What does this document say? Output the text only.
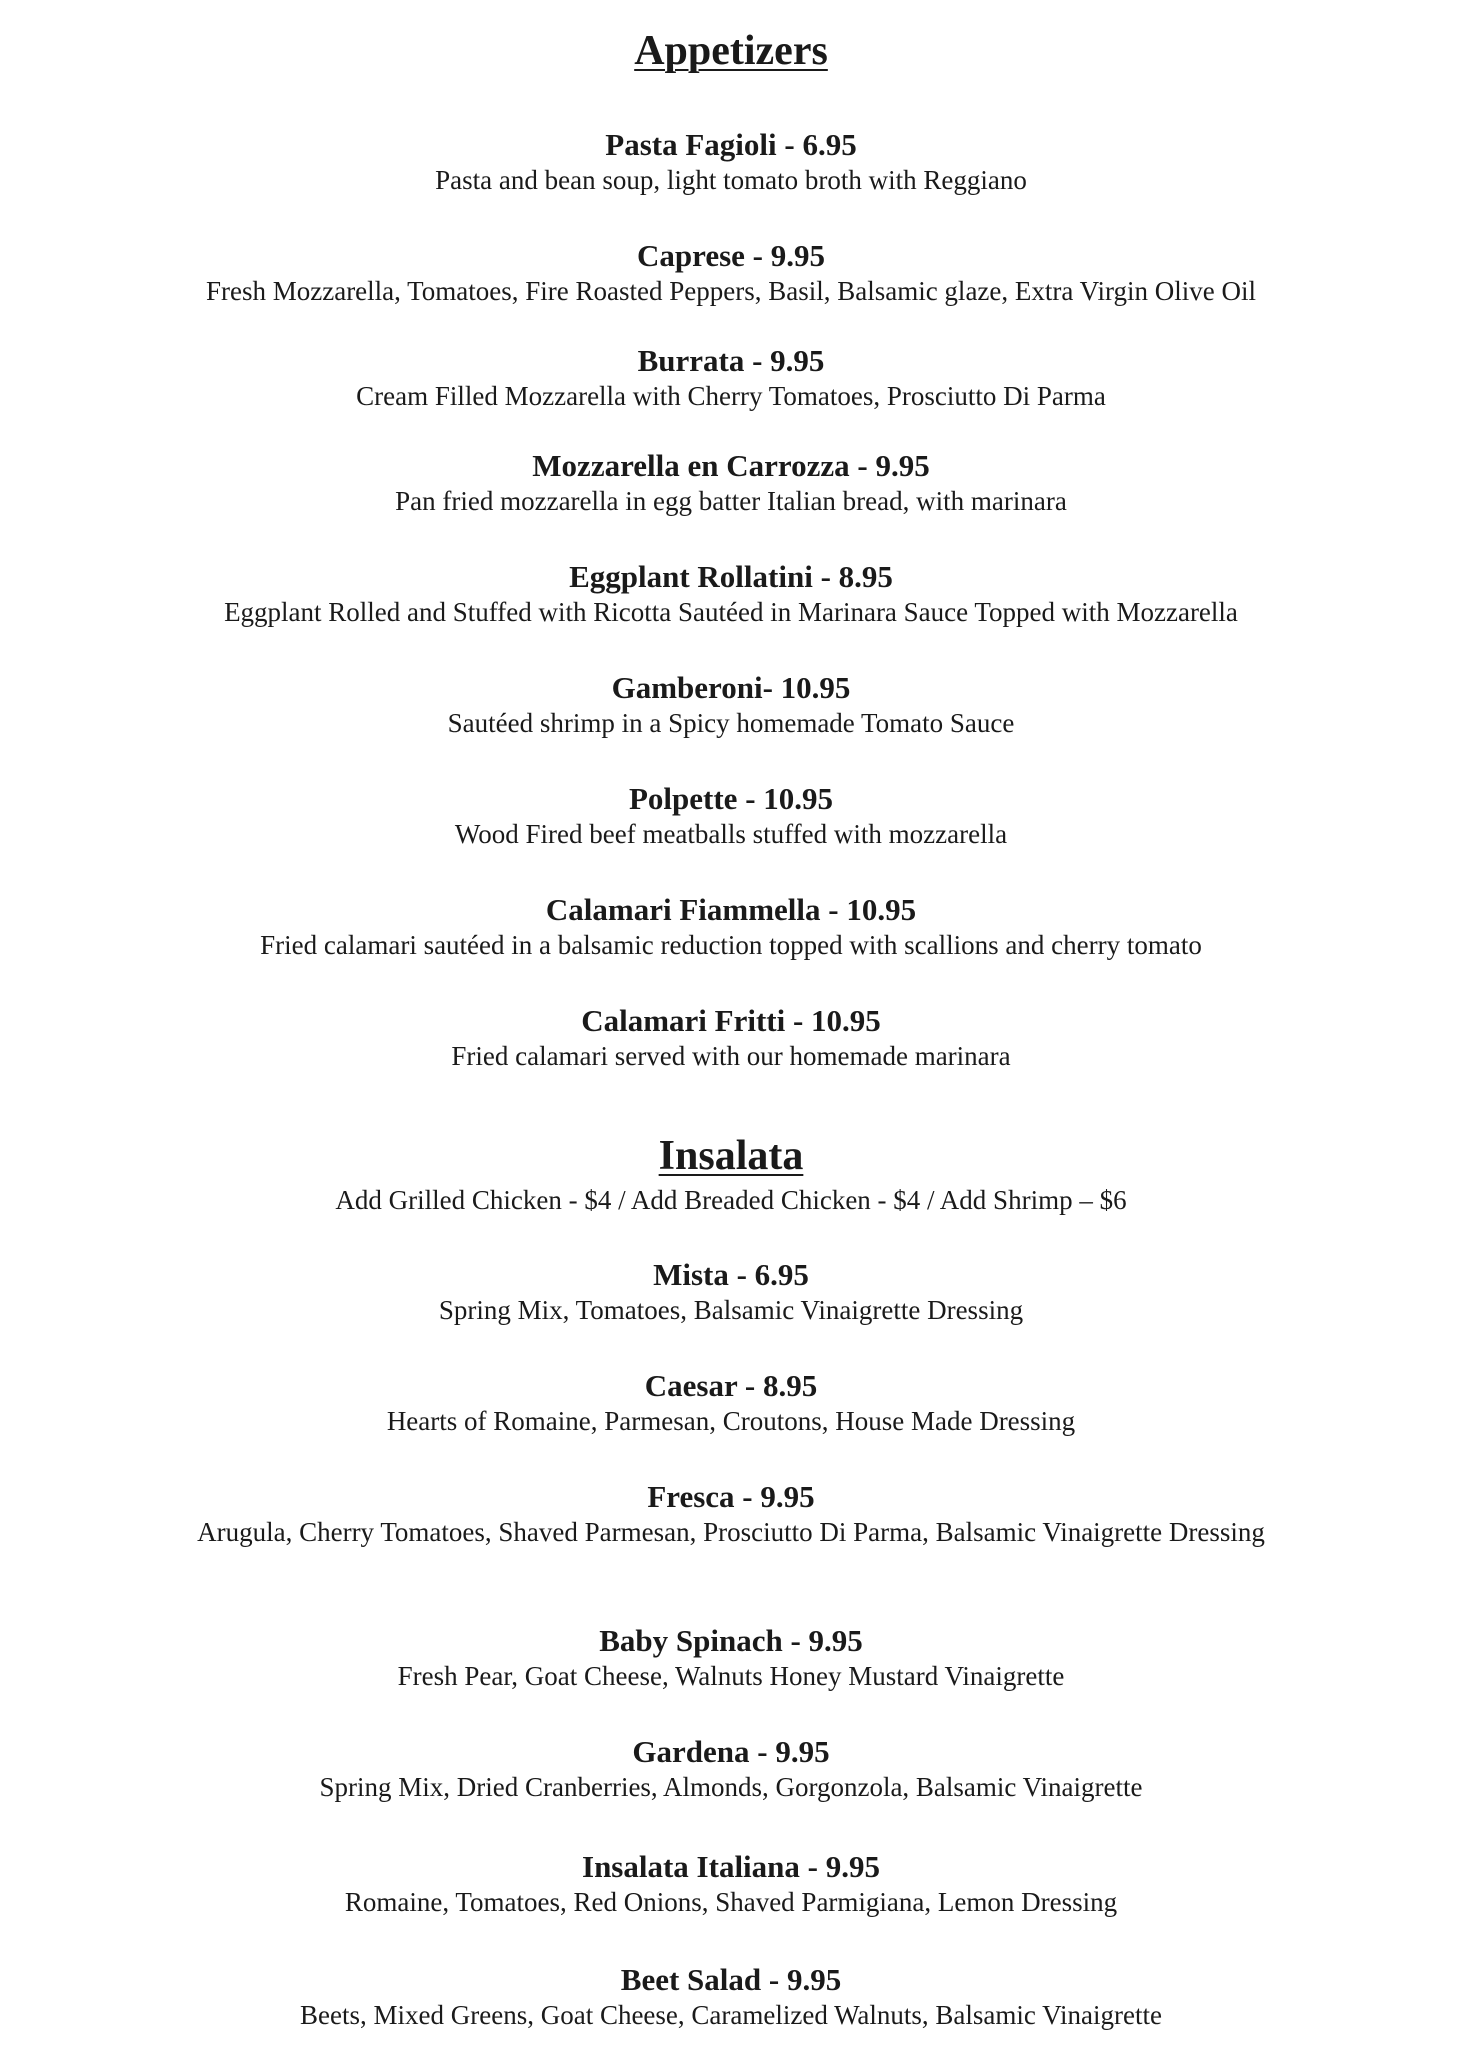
Appetizers
Pasta Fagioli - 6.95
Pasta and bean soup, light tomato broth with Reggiano
Caprese - 9.95
Fresh Mozzarella, Tomatoes, Fire Roasted Peppers, Basil, Balsamic glaze, Extra Virgin Olive Oil
Burrata - 9.95
Cream Filled Mozzarella with Cherry Tomatoes, Prosciutto Di Parma
Mozzarella en Carrozza - 9.95
Pan fried mozzarella in egg batter Italian bread, with marinara
Eggplant Rollatini - 8.95
Eggplant Rolled and Stuffed with Ricotta Sautéed in Marinara Sauce Topped with Mozzarella
Gamberoni- 10.95
Sautéed shrimp in a Spicy homemade Tomato Sauce
Polpette - 10.95
Wood Fired beef meatballs stuffed with mozzarella
Calamari Fiammella - 10.95
Fried calamari sautéed in a balsamic reduction topped with scallions and cherry tomato
Calamari Fritti - 10.95
Fried calamari served with our homemade marinara
Insalata
Add Grilled Chicken - $4 / Add Breaded Chicken - $4 / Add Shrimp – $6
Mista - 6.95
Spring Mix, Tomatoes, Balsamic Vinaigrette Dressing
Caesar - 8.95
Hearts of Romaine, Parmesan, Croutons, House Made Dressing
Fresca - 9.95
Arugula, Cherry Tomatoes, Shaved Parmesan, Prosciutto Di Parma, Balsamic Vinaigrette Dressing
Baby Spinach - 9.95
Fresh Pear, Goat Cheese, Walnuts Honey Mustard Vinaigrette
Gardena - 9.95
Spring Mix, Dried Cranberries, Almonds, Gorgonzola, Balsamic Vinaigrette
Insalata Italiana - 9.95
Romaine, Tomatoes, Red Onions, Shaved Parmigiana, Lemon Dressing
Beet Salad - 9.95
Beets, Mixed Greens, Goat Cheese, Caramelized Walnuts, Balsamic Vinaigrette
